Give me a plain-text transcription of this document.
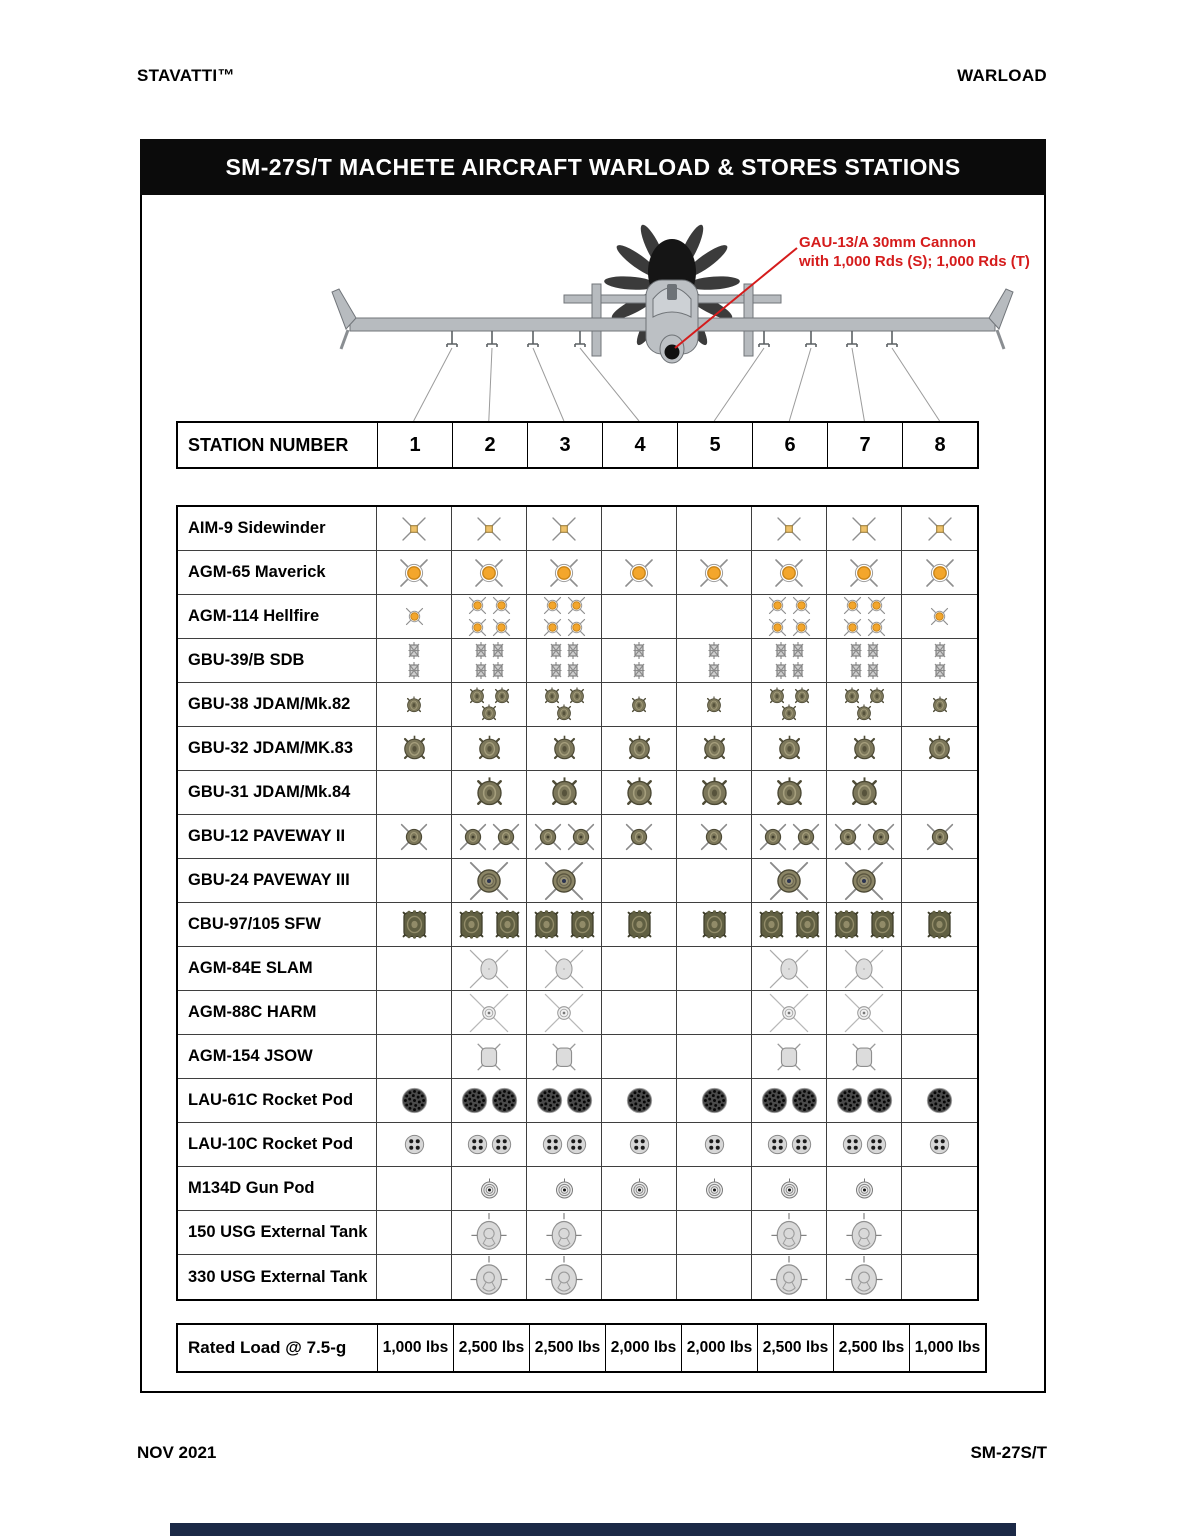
STAVATTI™	WARLOAD
SM-27S/T MACHETE AIRCRAFT WARLOAD & STORES STATIONS
GAU-13/A 30mm Cannon
with 1,000 Rds (S); 1,000 Rds (T)
STATION NUMBER	1	2	3	4	5	6	7	8
AIM-9 Sidewinder
AGM-65 Maverick
AGM-114 Hellfire
GBU-39/B SDB
GBU-38 JDAM/Mk.82
GBU-32 JDAM/MK.83
GBU-31 JDAM/Mk.84
GBU-12 PAVEWAY II
GBU-24 PAVEWAY III
CBU-97/105 SFW
AGM-84E SLAM
AGM-88C HARM
AGM-154 JSOW
LAU-61C Rocket Pod
LAU-10C Rocket Pod
M134D Gun Pod
150 USG External Tank
330 USG External Tank
Rated Load @ 7.5-g	1,000 lbs 2,500 lbs 2,500 lbs 2,000 lbs 2,000 lbs 2,500 lbs 2,500 lbs 1,000 lbs
NOV 2021	SM-27S/T
